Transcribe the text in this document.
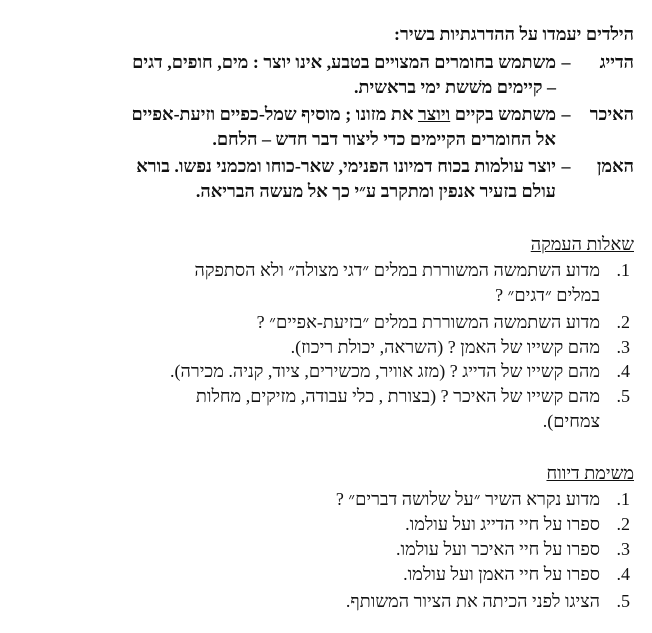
הילדים יעמדו על ההדרגתיות בשיר:
הדייג–משתמש בחומרים המצויים בטבע, אינו יוצר : מים, חופים, דגים
– קיימים משׁשת ימי בראשית.
האיכר–משתמש בקיים ויוצר את מזונו ; מוסיף שמל-כפיים וזיעת-אפיים
אל החומרים הקיימים כדי ליצור דבר חדש – הלחם.
האמן–יוצר עולמות בכוח דמיונו הפנימי, שאר-כוחו ומכמני נפשו. בורא
עולם בזעיר אנפין ומתקרב ע״י כך אל מעשה הבריאה.
שאלות העמקה
1.מדוע השתמשה המשוררת במלים ״דגי מצולה״ ולא הסתפקה
במלים ״דגים״ ?
2.מדוע השתמשה המשוררת במלים ״בזיעת-אפיים״ ?
3.מהם קשייו של האמן ? (השראה, יכולת ריכוז).
4.מהם קשייו של הדייג ? (מזג אוויר, מכשירים, ציוד, קניה. מכירה).
5.מהם קשייו של האיכר ? (בצורת , כלי עבודה, מזיקים, מחלות
צמחים).
משימת דיווח
1.מדוע נקרא השיר ״על שלושה דברים״ ?
2.ספרו על חיי הדייג ועל עולמו.
3.ספרו על חיי האיכר ועל עולמו.
4.ספרו על חיי האמן ועל עולמו.
5.הציגו לפני הכיתה את הציור המשותף.
